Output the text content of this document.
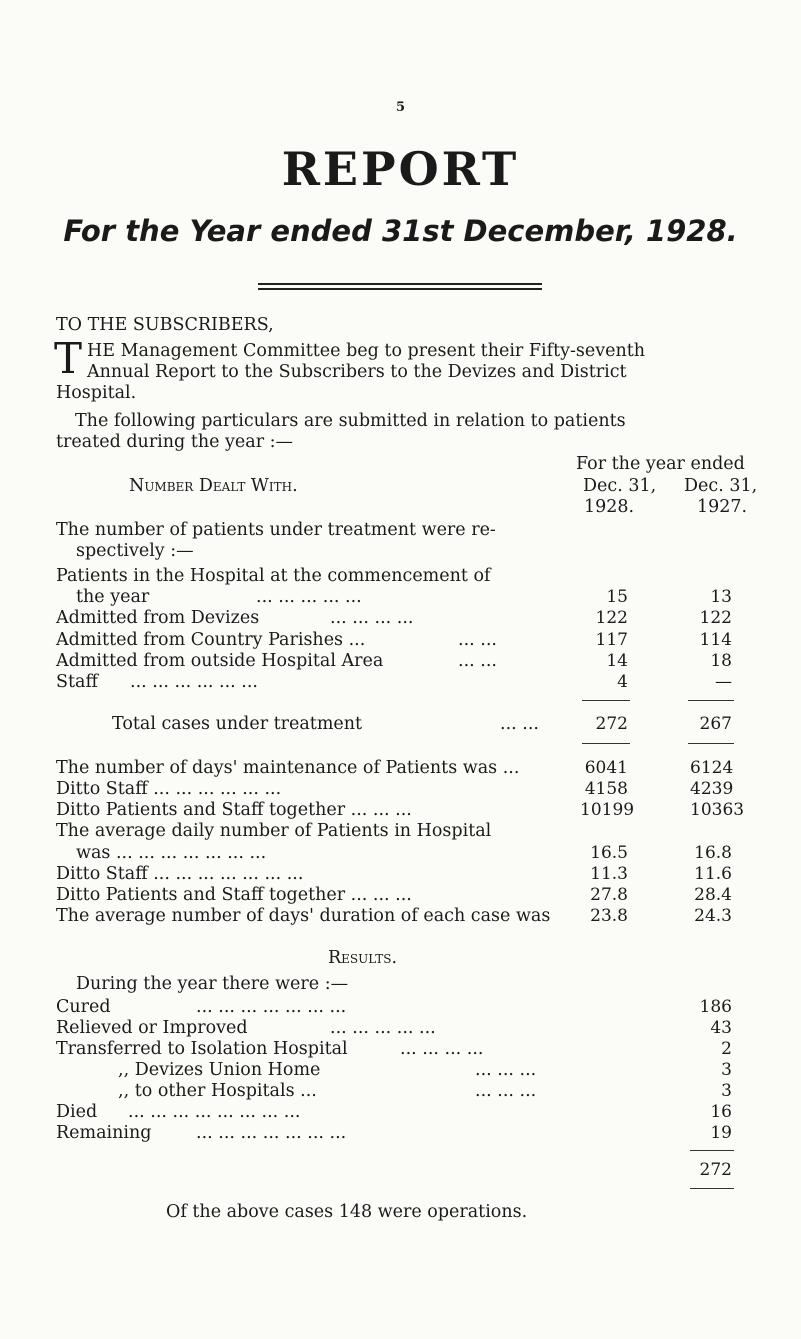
5
REPORT
For the Year ended 31st December, 1928.
TO THE SUBSCRIBERS,
T HE Management Committee beg to present their Fifty-seventh
Annual Report to the Subscribers to the Devizes and District
Hospital.
The following particulars are submitted in relation to patients
treated during the year :—
For the year ended
Number Dealt With.	Dec. 31, Dec. 31,
1928.	1927.
The number of patients under treatment were re-
spectively :—
Patients in the Hospital at the commencement of
the year	... ... ... ... ...	15	13
Admitted from Devizes	... ... ... ...	122	122
Admitted from Country Parishes ...	... ...	117	114
Admitted from outside Hospital Area	... ...	14	18
Staff ... ... ... ... ... ...	4	—
Total cases under treatment	... ...	272	267
The number of days' maintenance of Patients was ...	6041	6124
Ditto Staff ... ... ... ... ... ...	4158	4239
Ditto Patients and Staff together ... ... ...	10199	10363
The average daily number of Patients in Hospital
was ... ... ... ... ... ... ...	16.5	16.8
Ditto Staff ... ... ... ... ... ... ...	11.3	11.6
Ditto Patients and Staff together ... ... ...	27.8	28.4
The average number of days' duration of each case was	23.8	24.3
Results.
During the year there were :—
Cured	... ... ... ... ... ... ...	186
Relieved or Improved	... ... ... ... ...	43
Transferred to Isolation Hospital	... ... ... ...	2
,, Devizes Union Home	... ... ...	3
,, to other Hospitals ...	... ... ...	3
Died ... ... ... ... ... ... ... ...	16
Remaining	... ... ... ... ... ... ...	19
272
Of the above cases 148 were operations.
